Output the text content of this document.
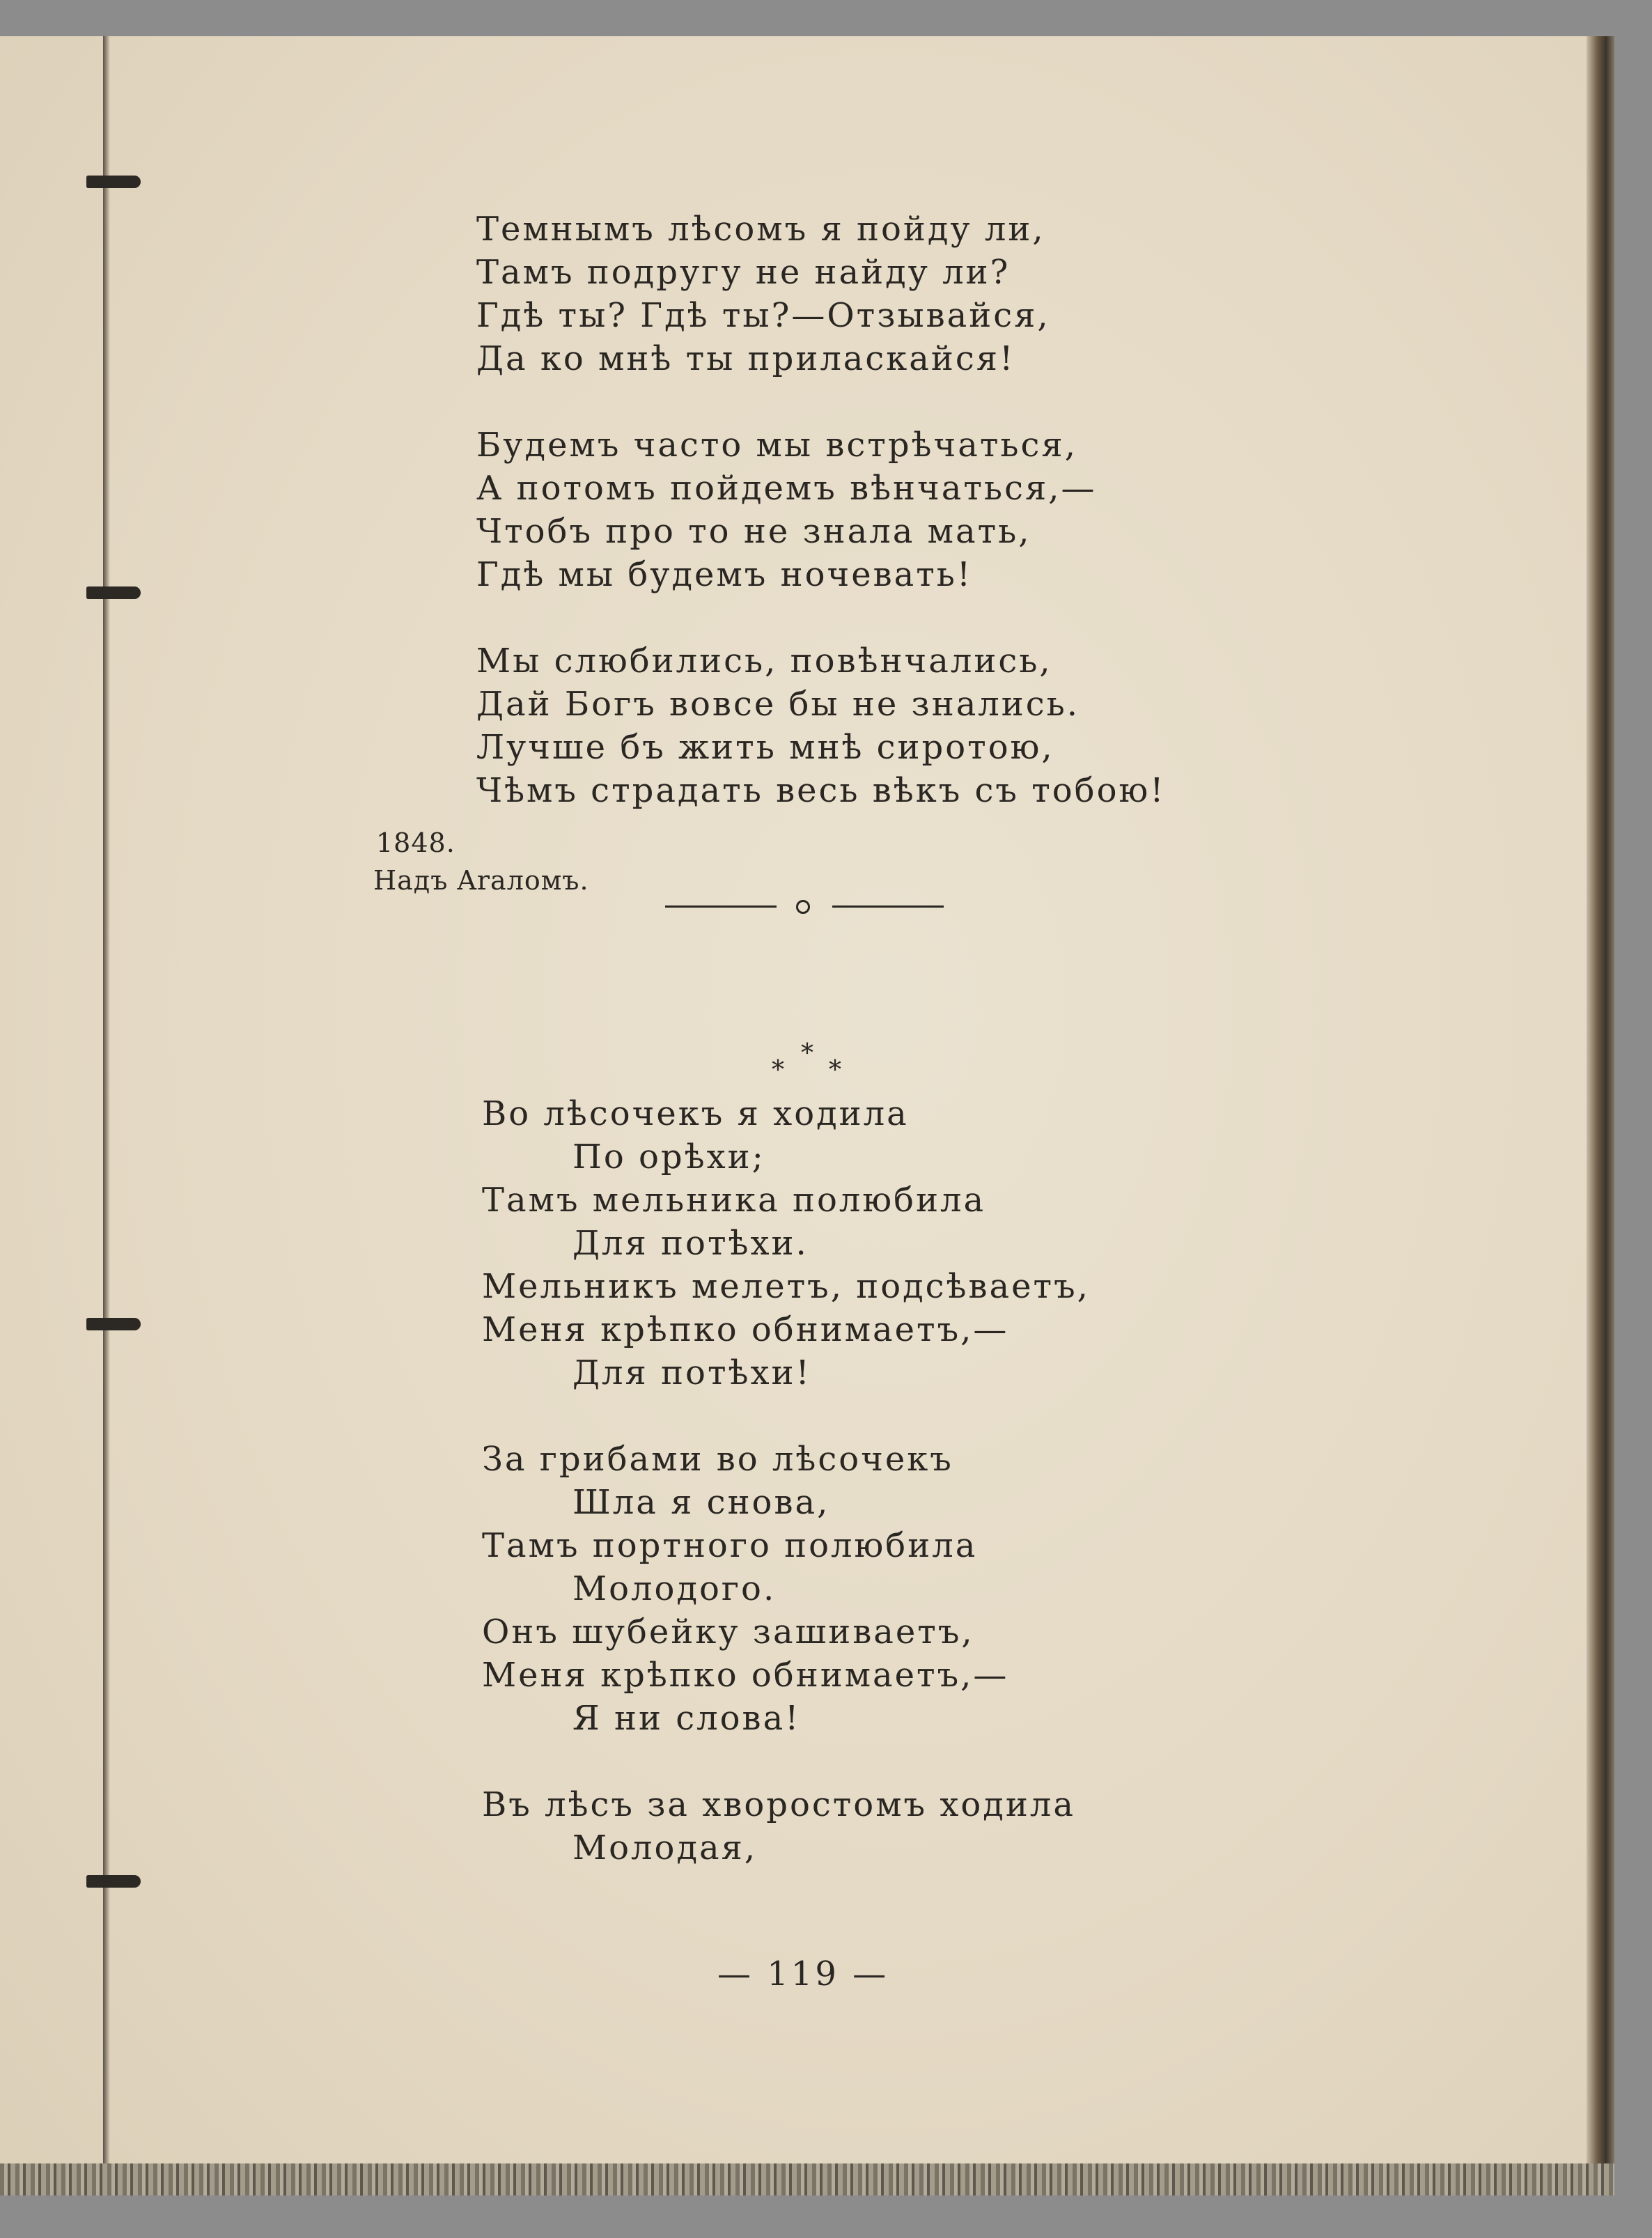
Темнымъ лѣсомъ я пойду ли,
Тамъ подругу не найду ли?
Гдѣ ты? Гдѣ ты?—Отзывайся,
Да ко мнѣ ты приласкайся!
Будемъ часто мы встрѣчаться,
А потомъ пойдемъ вѣнчаться,—
Чтобъ про то не знала мать,
Гдѣ мы будемъ ночевать!
Мы слюбились, повѣнчались,
Дай Богъ вовсе бы не знались.
Лучше бъ жить мнѣ сиротою,
Чѣмъ страдать весь вѣкъ съ тобою!
1848.
Надъ Araломъ.
*
* *
Во лѣсочекъ я ходила
По орѣхи;
Тамъ мельника полюбила
Для потѣхи.
Мельникъ мелетъ, подсѣваетъ,
Меня крѣпко обнимаетъ,—
Для потѣхи!
За грибами во лѣсочекъ
Шла я снова,
Тамъ портного полюбила
Молодого.
Онъ шубейку зашиваетъ,
Меня крѣпко обнимаетъ,—
Я ни слова!
Въ лѣсъ за хворостомъ ходила
Молодая,
— 119 —
